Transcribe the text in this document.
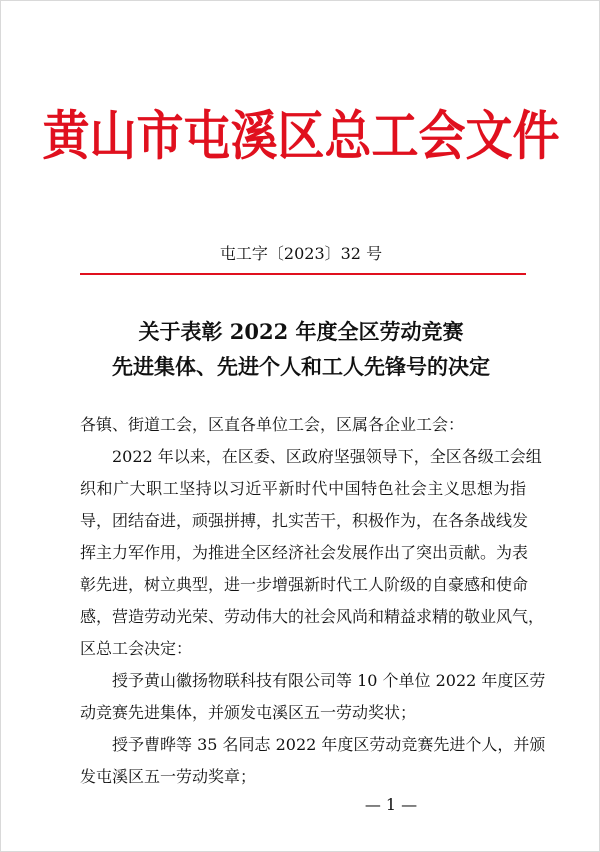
黄山市屯溪区总工会文件
屯工字〔2023〕32 号
关于表彰 2022 年度全区劳动竞赛
先进集体、先进个人和工人先锋号的决定
各镇、街道工会，区直各单位工会，区属各企业工会：
2022 年以来，在区委、区政府坚强领导下，全区各级工会组
织和广大职工坚持以习近平新时代中国特色社会主义思想为指
导，团结奋进，顽强拼搏，扎实苦干，积极作为，在各条战线发
挥主力军作用，为推进全区经济社会发展作出了突出贡献。为表
彰先进，树立典型，进一步增强新时代工人阶级的自豪感和使命
感，营造劳动光荣、劳动伟大的社会风尚和精益求精的敬业风气，
区总工会决定：
授予黄山徽扬物联科技有限公司等 10 个单位 2022 年度区劳
动竞赛先进集体，并颁发屯溪区五一劳动奖状；
授予曹晔等 35 名同志 2022 年度区劳动竞赛先进个人，并颁
发屯溪区五一劳动奖章；
— 1 —
